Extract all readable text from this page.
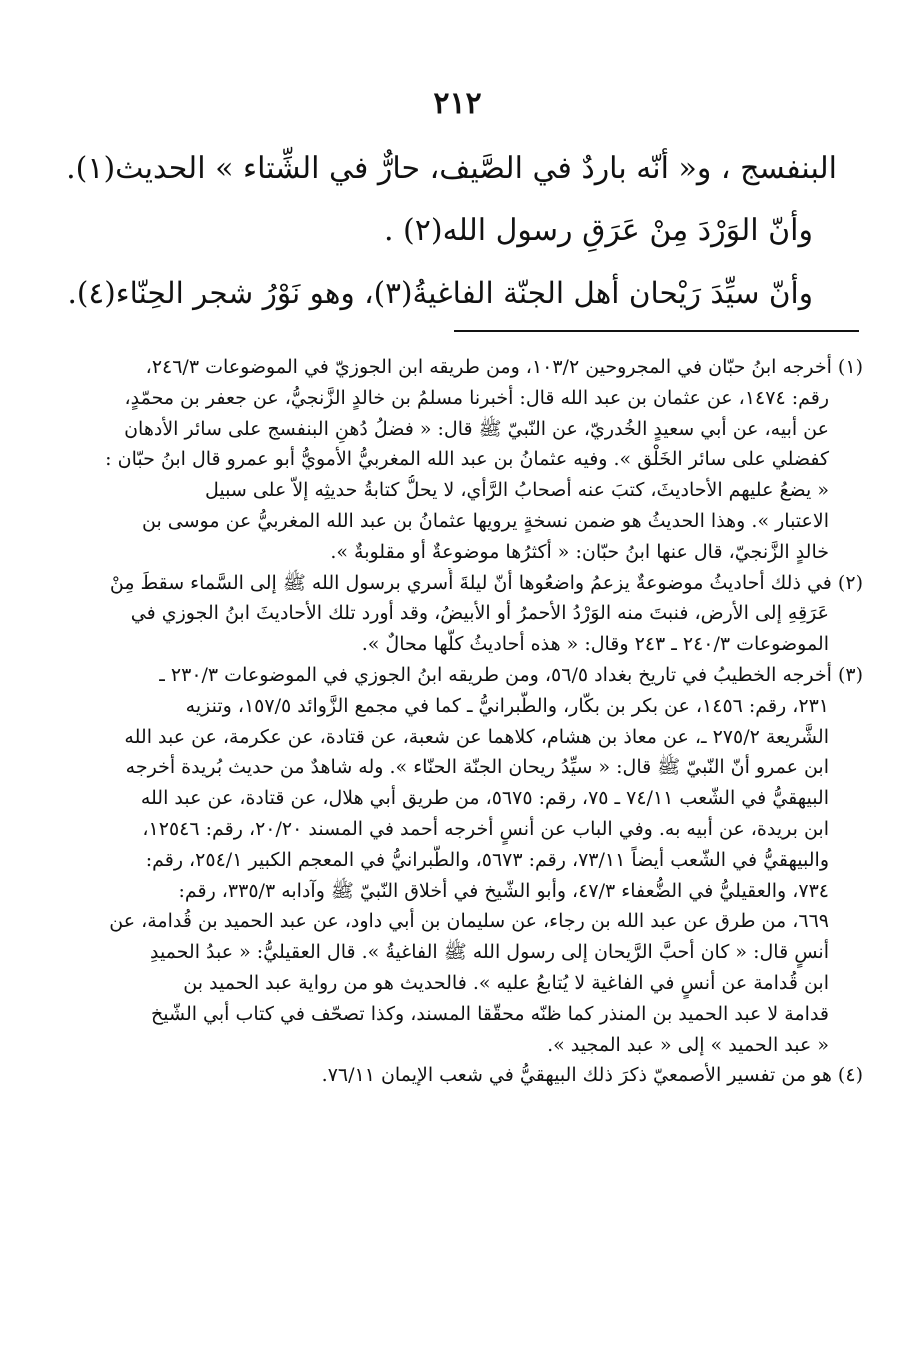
٢١٢
البنفسج ، و« أنّه باردٌ في الصَّيف، حارٌّ في الشِّتاء » الحديث(١).
وأنّ الوَرْدَ مِنْ عَرَقِ رسول الله(٢) .
وأنّ سيِّدَ رَيْحان أهل الجنّة الفاغيةُ(٣)، وهو نَوْرُ شجر الحِنّاء(٤).
(١) أخرجه ابنُ حبّان في المجروحين ١٠٣/٢، ومن طريقه ابن الجوزيّ في الموضوعات ٢٤٦/٣،
رقم: ١٤٧٤، عن عثمان بن عبد الله قال: أخبرنا مسلمُ بن خالدٍ الزَّنجيُّ، عن جعفر بن محمّدٍ،
عن أبيه، عن أبي سعيدٍ الخُدريّ، عن النّبيّ ﷺ قال: « فضلُ دُهنِ البنفسج على سائر الأدهان
كفضلي على سائر الخَلْق ». وفيه عثمانُ بن عبد الله المغربيُّ الأمويُّ أبو عمرو قال ابنُ حبّان :
« يضعُ عليهم الأحاديثَ، كتبَ عنه أصحابُ الرَّأي، لا يحلُّ كتابةُ حديثِه إلاّ على سبيل
الاعتبار ». وهذا الحديثُ هو ضمن نسخةٍ يرويها عثمانُ بن عبد الله المغربيُّ عن موسى بن
خالدٍ الزَّنجيّ، قال عنها ابنُ حبّان: « أكثرُها موضوعةٌ أو مقلوبةٌ ».
(٢) في ذلك أحاديثُ موضوعةٌ يزعمُ واضعُوها أنّ ليلةَ أُسري برسول الله ﷺ إلى السَّماء سقطَ مِنْ
عَرَقِهِ إلى الأرض، فنبتَ منه الوَرْدُ الأحمرُ أو الأبيضُ، وقد أورد تلك الأحاديثَ ابنُ الجوزي في
الموضوعات ٢٤٠/٣ ـ ٢٤٣ وقال: « هذه أحاديثُ كلُّها محالٌ ».
(٣) أخرجه الخطيبُ في تاريخ بغداد ٥٦/٥، ومن طريقه ابنُ الجوزي في الموضوعات ٢٣٠/٣ ـ
٢٣١، رقم: ١٤٥٦، عن بكر بن بكّار، والطَّبرانيُّ ـ كما في مجمع الزَّوائد ١٥٧/٥، وتنزيه
الشَّريعة ٢٧٥/٢ ـ، عن معاذ بن هشام، كلاهما عن شعبة، عن قتادة، عن عكرمة، عن عبد الله
ابن عمرو أنّ النّبيّ ﷺ قال: « سيِّدُ ريحان الجنّة الحنّاء ». وله شاهدٌ من حديث بُريدة أخرجه
البيهقيُّ في الشّعب ٧٤/١١ ـ ٧٥، رقم: ٥٦٧٥، من طريق أبي هلال، عن قتادة، عن عبد الله
ابن بريدة، عن أبيه به. وفي الباب عن أنسٍ أخرجه أحمد في المسند ٢٠/٢٠، رقم: ١٢٥٤٦،
والبيهقيُّ في الشّعب أيضاً ٧٣/١١، رقم: ٥٦٧٣، والطَّبرانيُّ في المعجم الكبير ٢٥٤/١، رقم:
٧٣٤، والعقيليُّ في الضُّعفاء ٤٧/٣، وأبو الشّيخ في أخلاق النّبيّ ﷺ وآدابه ٣٣٥/٣، رقم:
٦٦٩، من طرق عن عبد الله بن رجاء، عن سليمان بن أبي داود، عن عبد الحميد بن قُدامة، عن
أنسٍ قال: « كان أحبَّ الرَّيحان إلى رسول الله ﷺ الفاغيةُ ». قال العقيليُّ: « عبدُ الحميدِ
ابن قُدامة عن أنسٍ في الفاغية لا يُتابعُ عليه ». فالحديث هو من رواية عبد الحميد بن
قدامة لا عبد الحميد بن المنذر كما ظنّه محقّقا المسند، وكذا تصحّف في كتاب أبي الشّيخ
« عبد الحميد » إلى « عبد المجيد ».
(٤) هو من تفسير الأصمعيّ ذكرَ ذلك البيهقيُّ في شعب الإيمان ٧٦/١١.
